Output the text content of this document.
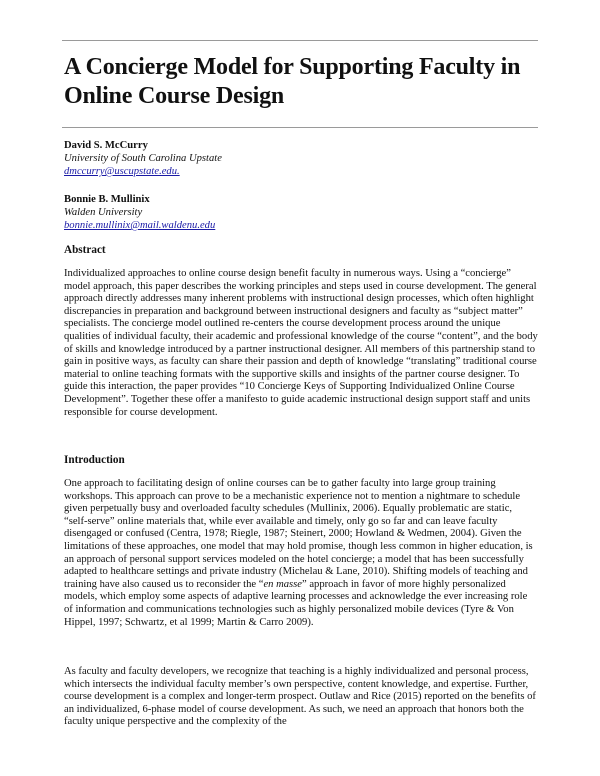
A Concierge Model for Supporting Faculty in Online Course Design
David S. McCurry
University of South Carolina Upstate
dmccurry@uscupstate.edu.
Bonnie B. Mullinix
Walden University
bonnie.mullinix@mail.waldenu.edu
Abstract

Individualized approaches to online course design benefit faculty in numerous ways. Using a “concierge” model approach, this paper describes the working principles and steps used in course development. The general approach directly addresses many inherent problems with instructional design processes, which often highlight discrepancies in preparation and background between instructional designers and faculty as “subject matter” specialists. The concierge model outlined re-centers the course development process around the unique qualities of individual faculty, their academic and professional knowledge of the course “content”, and the body of skills and knowledge introduced by a partner instructional designer. All members of this partnership stand to gain in positive ways, as faculty can share their passion and depth of knowledge “translating” traditional course material to online teaching formats with the supportive skills and insights of the partner course designer. To guide this interaction, the paper provides “10 Concierge Keys of Supporting Individualized Online Course Development”. Together these offer a manifesto to guide academic instructional design support staff and units responsible for course development.

Introduction

One approach to facilitating design of online courses can be to gather faculty into large group training workshops. This approach can prove to be a mechanistic experience not to mention a nightmare to schedule given perpetually busy and overloaded faculty schedules (Mullinix, 2006). Equally problematic are static, “self-serve” online materials that, while ever available and timely, only go so far and can leave faculty disengaged or confused (Centra, 1978; Riegle, 1987; Steinert, 2000; Howland & Wedmen, 2004). Given the limitations of these approaches, one model that may hold promise, though less common in higher education, is an approach of personal support services modeled on the hotel concierge; a model that has been successfully adapted to healthcare settings and private industry (Michelau & Lane, 2010). Shifting models of teaching and training have also caused us to reconsider the “en masse” approach in favor of more highly personalized models, which employ some aspects of adaptive learning processes and acknowledge the ever increasing role of information and communications technologies such as highly personalized mobile devices (Tyre & Von Hippel, 1997; Schwartz, et al 1999; Martin & Carro 2009).

As faculty and faculty developers, we recognize that teaching is a highly individualized and personal process, which intersects the individual faculty member’s own perspective, content knowledge, and expertise. Further, course development is a complex and longer-term prospect. Outlaw and Rice (2015) reported on the benefits of an individualized, 6-phase model of course development. As such, we need an approach that honors both the faculty unique perspective and the complexity of the
